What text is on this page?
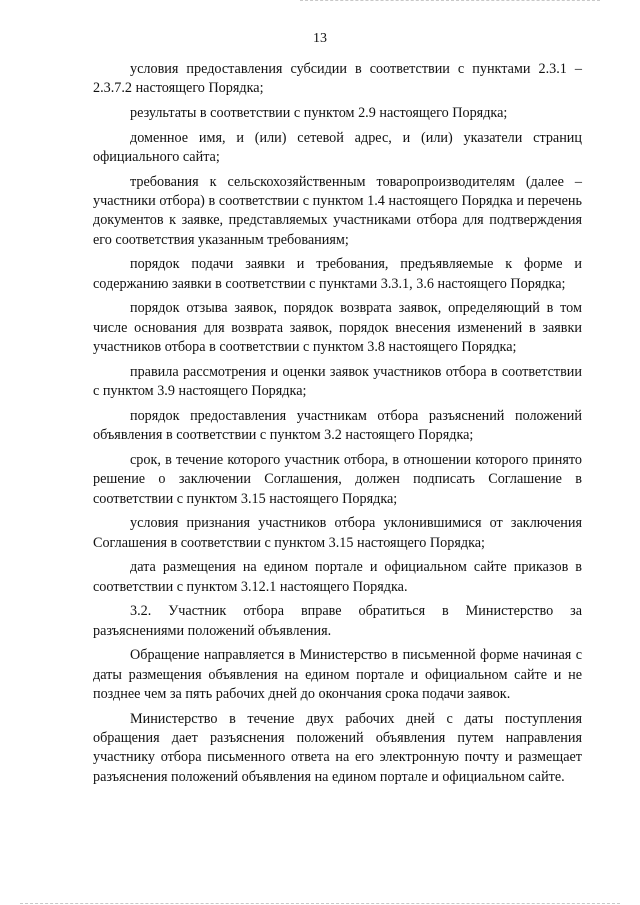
13

условия предоставления субсидии в соответствии с пунктами 2.3.1 – 2.3.7.2 настоящего Порядка;

результаты в соответствии с пунктом 2.9 настоящего Порядка;

доменное имя, и (или) сетевой адрес, и (или) указатели страниц официального сайта;

требования к сельскохозяйственным товаропроизводителям (далее – участники отбора) в соответствии с пунктом 1.4 настоящего Порядка и перечень документов к заявке, представляемых участниками отбора для подтверждения его соответствия указанным требованиям;

порядок подачи заявки и требования, предъявляемые к форме и содержанию заявки в соответствии с пунктами 3.3.1, 3.6 настоящего Порядка;

порядок отзыва заявок, порядок возврата заявок, определяющий в том числе основания для возврата заявок, порядок внесения изменений в заявки участников отбора в соответствии с пунктом 3.8 настоящего Порядка;

правила рассмотрения и оценки заявок участников отбора в соответствии с пунктом 3.9 настоящего Порядка;

порядок предоставления участникам отбора разъяснений положений объявления в соответствии с пунктом 3.2 настоящего Порядка;

срок, в течение которого участник отбора, в отношении которого принято решение о заключении Соглашения, должен подписать Соглашение в соответствии с пунктом 3.15 настоящего Порядка;

условия признания участников отбора уклонившимися от заключения Соглашения в соответствии с пунктом 3.15 настоящего Порядка;

дата размещения на едином портале и официальном сайте приказов в соответствии с пунктом 3.12.1 настоящего Порядка.

3.2. Участник отбора вправе обратиться в Министерство за разъяснениями положений объявления.

Обращение направляется в Министерство в письменной форме начиная с даты размещения объявления на едином портале и официальном сайте и не позднее чем за пять рабочих дней до окончания срока подачи заявок.

Министерство в течение двух рабочих дней с даты поступления обращения дает разъяснения положений объявления путем направления участнику отбора письменного ответа на его электронную почту и размещает разъяснения положений объявления на едином портале и официальном сайте.
